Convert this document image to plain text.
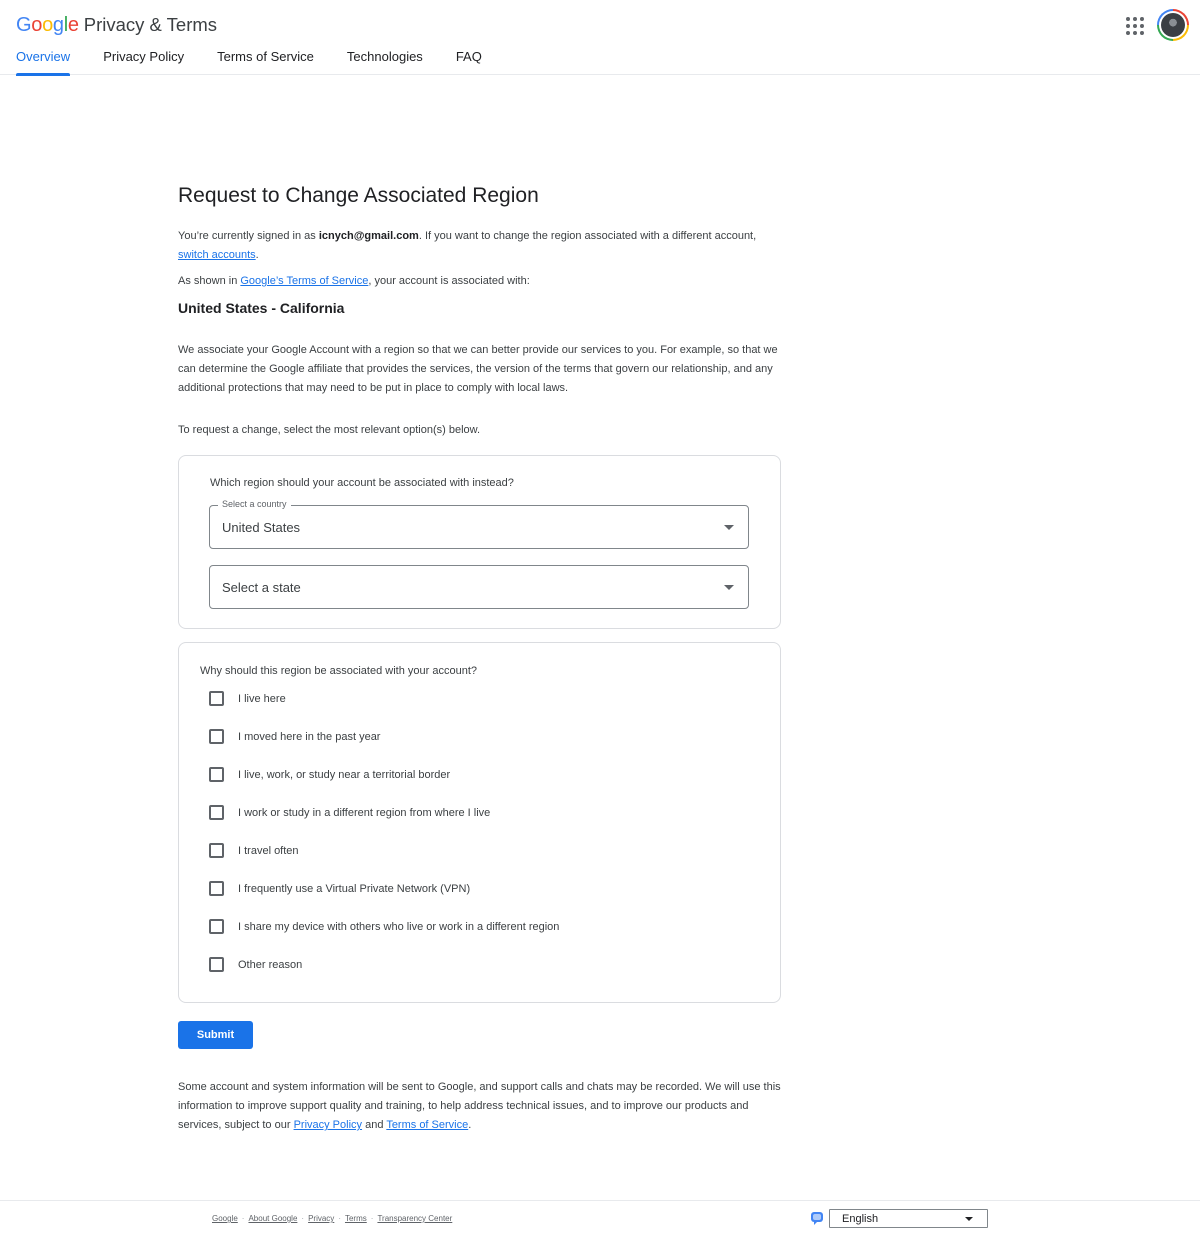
Google Privacy & Terms
Overview	Privacy Policy	Terms of Service	Technologies	FAQ
Request to Change Associated Region

You’re currently signed in as icnych@gmail.com. If you want to change the region associated with a different account,
switch accounts.

As shown in Google’s Terms of Service, your account is associated with:

United States - California

We associate your Google Account with a region so that we can better provide our services to you. For example, so that we can determine the Google affiliate that provides the services, the version of the terms that govern our relationship, and any additional protections that may need to be put in place to comply with local laws.

To request a change, select the most relevant option(s) below.

Which region should your account be associated with instead?
Select a country
United States
Select a state
Why should this region be associated with your account?
I live here
I moved here in the past year
I live, work, or study near a territorial border
I work or study in a different region from where I live
I travel often
I frequently use a Virtual Private Network (VPN)
I share my device with others who live or work in a different region
Other reason
Submit

Some account and system information will be sent to Google, and support calls and chats may be recorded. We will use this information to improve support quality and training, to help address technical issues, and to improve our products and services, subject to our Privacy Policy and Terms of Service.

Google · About Google · Privacy · Terms · Transparency Center	English
